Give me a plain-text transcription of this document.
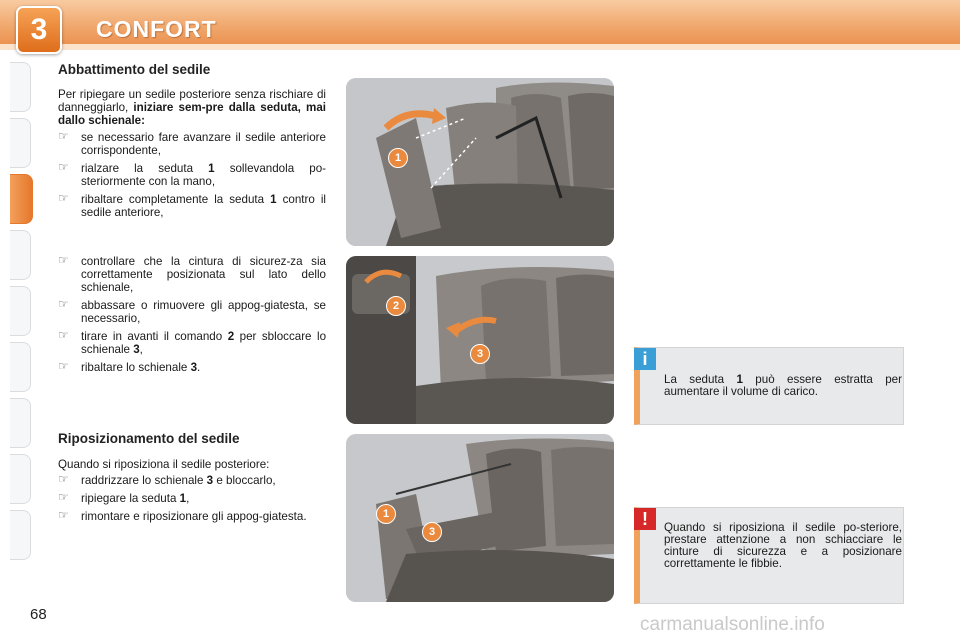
3	CONFORT
Abbattimento del sedile

Per ripiegare un sedile posteriore senza rischiare di danneggiarlo, iniziare sem-pre dalla seduta, mai dallo schienale:

☞ se necessario fare avanzare il sedile anteriore corrispondente,
☞ rialzare la seduta 1 sollevandola po-steriormente con la mano,
☞ ribaltare completamente la seduta 1 contro il sedile anteriore,
☞ controllare che la cintura di sicurez-za sia correttamente posizionata sul lato dello schienale,
☞ abbassare o rimuovere gli appog-giatesta, se necessario,
☞ tirare in avanti il comando 2 per sbloccare lo schienale 3,
☞ ribaltare lo schienale 3.
Riposizionamento del sedile

Quando si riposiziona il sedile posteriore:

☞ raddrizzare lo schienale 3 e bloccarlo,
☞ ripiegare la seduta 1,
☞ rimontare e riposizionare gli appog-giatesta.
1
2
3
1
3
i
La seduta 1 può essere estratta per aumentare il volume di carico.
!	Quando si riposiziona il sedile po-steriore, prestare attenzione a non schiacciare le cinture di sicurezza e a posizionare correttamente le fibbie.
68	carmanualsonline.info
